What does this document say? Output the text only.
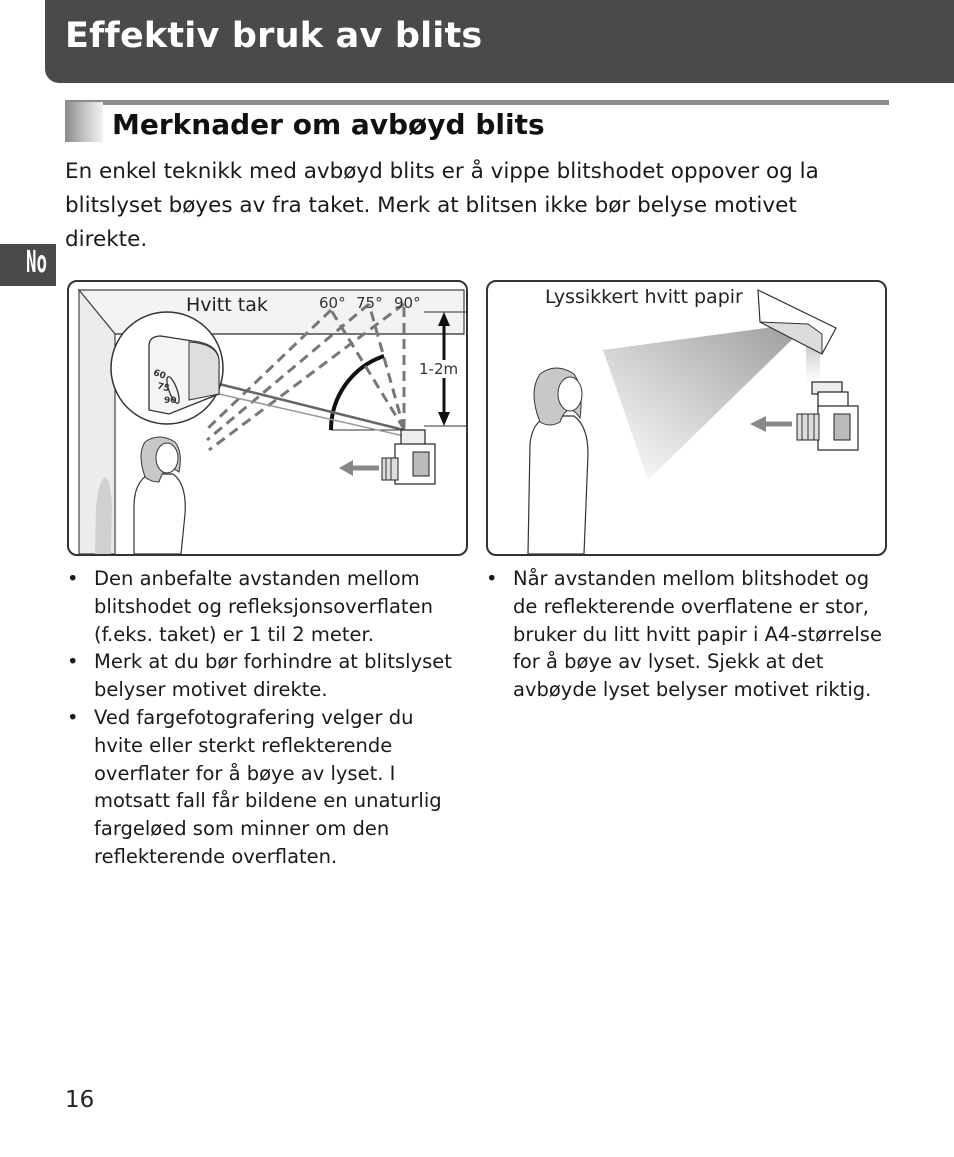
Effektiv bruk av blits
Merknader om avbøyd blits

En enkel teknikk med avbøyd blits er å vippe blitshodet oppover og la blitslyset bøyes av fra taket. Merk at blitsen ikke bør belyse motivet direkte.

No
Hvitt tak	60° 75° 90°
1-2m
60
75
90
Lyssikkert hvitt papir
• Den anbefalte avstanden mellom blitshodet og refleksjonsoverflaten (f.eks. taket) er 1 til 2 meter.
• Merk at du bør forhindre at blitslyset belyser motivet direkte.
• Ved fargefotografering velger du hvite eller sterkt reflekterende overflater for å bøye av lyset. I motsatt fall får bildene en unaturlig fargeløed som minner om den reflekterende overflaten.
• Når avstanden mellom blitshodet og de reflekterende overflatene er stor, bruker du litt hvitt papir i A4-størrelse for å bøye av lyset. Sjekk at det avbøyde lyset belyser motivet riktig.
16
